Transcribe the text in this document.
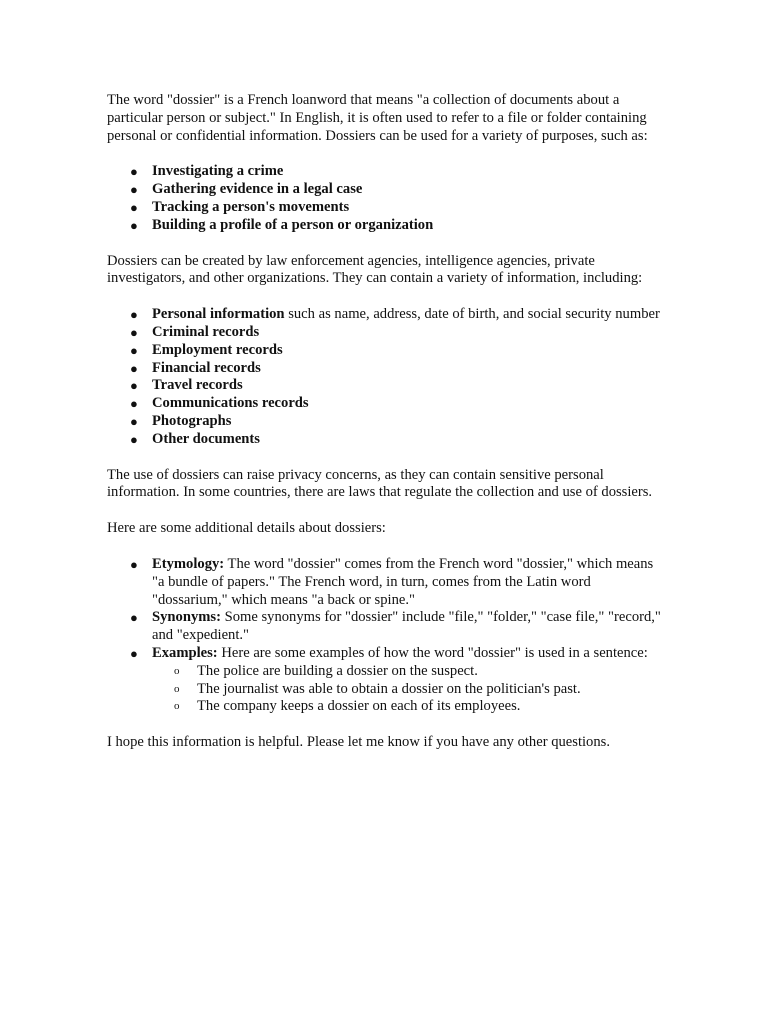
The word "dossier" is a French loanword that means "a collection of documents about a particular person or subject." In English, it is often used to refer to a file or folder containing personal or confidential information. Dossiers can be used for a variety of purposes, such as:

● Investigating a crime
● Gathering evidence in a legal case
● Tracking a person's movements
● Building a profile of a person or organization

Dossiers can be created by law enforcement agencies, intelligence agencies, private investigators, and other organizations. They can contain a variety of information, including:

● Personal information such as name, address, date of birth, and social security number
● Criminal records
● Employment records
● Financial records
● Travel records
● Communications records
● Photographs
● Other documents

The use of dossiers can raise privacy concerns, as they can contain sensitive personal information. In some countries, there are laws that regulate the collection and use of dossiers.

Here are some additional details about dossiers:

● Etymology: The word "dossier" comes from the French word "dossier," which means "a bundle of papers." The French word, in turn, comes from the Latin word "dossarium," which means "a back or spine."
● Synonyms: Some synonyms for "dossier" include "file," "folder," "case file," "record," and "expedient."
● Examples: Here are some examples of how the word "dossier" is used in a sentence:
o The police are building a dossier on the suspect.
o The journalist was able to obtain a dossier on the politician's past.
o The company keeps a dossier on each of its employees.

I hope this information is helpful. Please let me know if you have any other questions.
